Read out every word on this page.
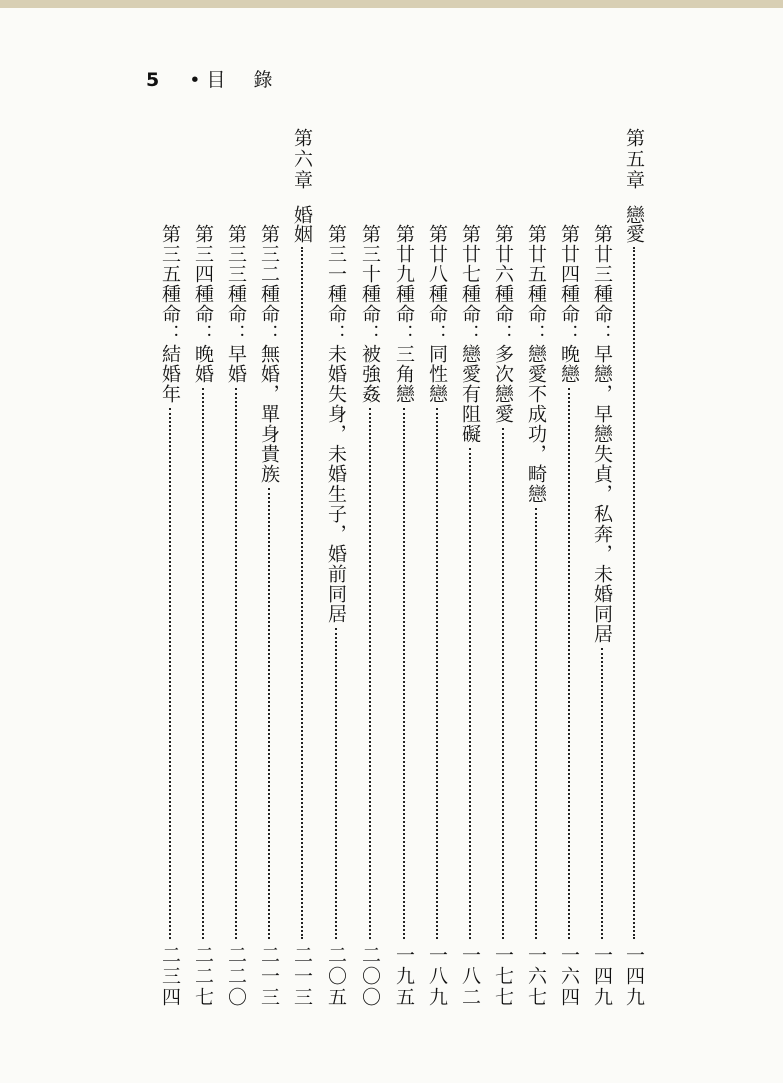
5 •目 錄
第五章
戀愛
一四九
第廿三種命：早戀，早戀失貞，私奔，未婚同居
一四九
第廿四種命：晚戀
一六四
第廿五種命：戀愛不成功，畸戀
一六七
第廿六種命：多次戀愛
一七七
第廿七種命：戀愛有阻礙
一八二
第廿八種命：同性戀
一八九
第廿九種命：三角戀
一九五
第三十種命：被強姦
二〇〇
第三一種命：未婚失身，未婚生子，婚前同居
二〇五
第六章
婚姻
二一三
第三二種命：無婚，單身貴族
二一三
第三三種命：早婚
二二〇
第三四種命：晚婚
二二七
第三五種命：結婚年
二三四
